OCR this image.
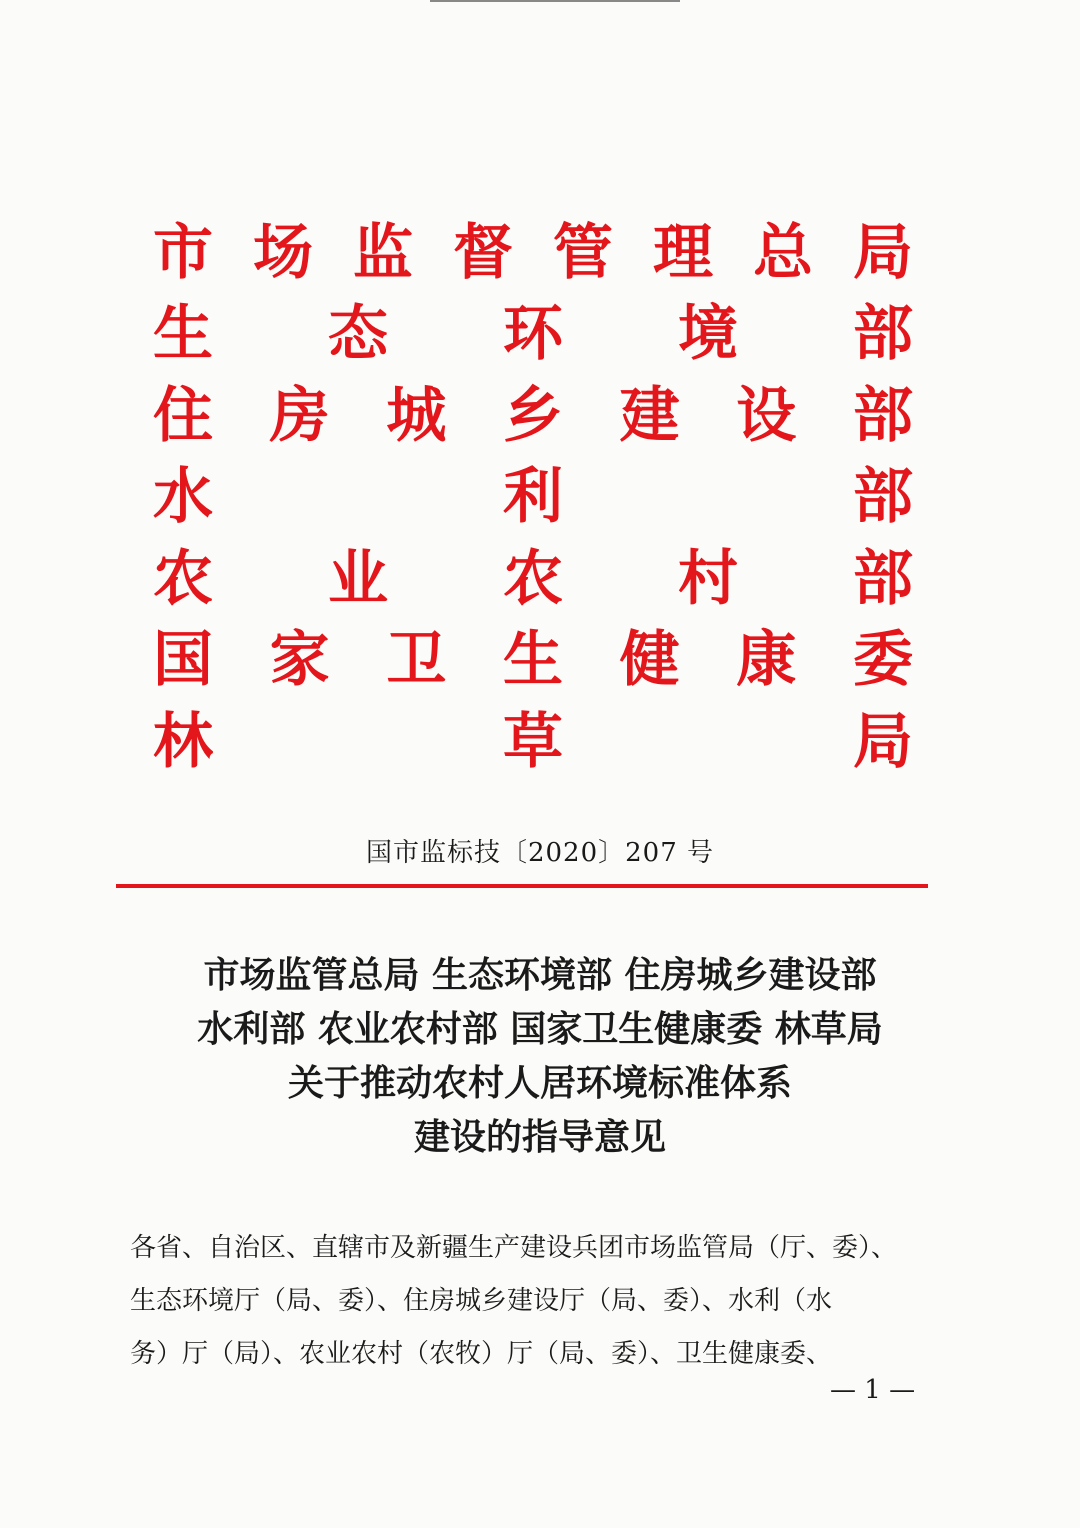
市 场 监 督 管 理 总 局
生 态 环 境 部
住 房 城 乡 建 设 部
水	利	部
农 业 农 村 部
国 家 卫 生 健 康 委
林	草	局
国市监标技〔2020〕207 号
市场监管总局 生态环境部 住房城乡建设部
水利部 农业农村部 国家卫生健康委 林草局
关于推动农村人居环境标准体系
建设的指导意见
各省、自治区、直辖市及新疆生产建设兵团市场监管局（厅、委）、
生态环境厅（局、委）、住房城乡建设厅（局、委）、水利（水
务）厅（局）、农业农村（农牧）厅（局、委）、卫生健康委、
— 1 —
